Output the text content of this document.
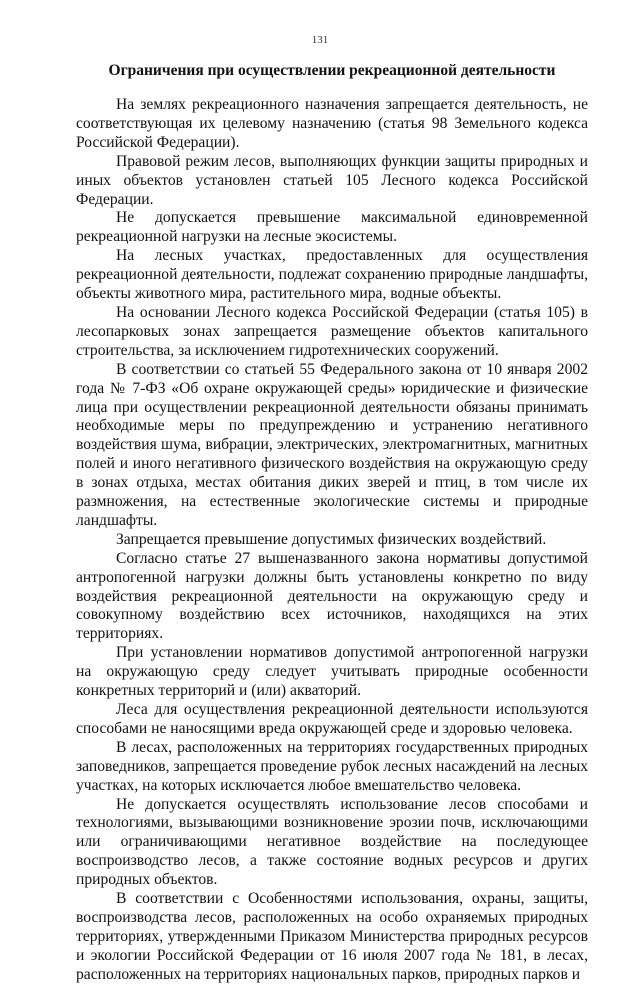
131
Ограничения при осуществлении рекреационной деятельности

На землях рекреационного назначения запрещается деятельность, не соответствующая их целевому назначению (статья 98 Земельного кодекса Российской Федерации).

Правовой режим лесов, выполняющих функции защиты природных и иных объектов установлен статьей 105 Лесного кодекса Российской Федерации.

Не допускается превышение максимальной единовременной рекреационной нагрузки на лесные экосистемы.

На лесных участках, предоставленных для осуществления рекреационной деятельности, подлежат сохранению природные ландшафты, объекты животного мира, растительного мира, водные объекты.

На основании Лесного кодекса Российской Федерации (статья 105) в лесопарковых зонах запрещается размещение объектов капитального строительства, за исключением гидротехнических сооружений.

В соответствии со статьей 55 Федерального закона от 10 января 2002 года № 7-ФЗ «Об охране окружающей среды» юридические и физические лица при осуществлении рекреационной деятельности обязаны принимать необходимые меры по предупреждению и устранению негативного воздействия шума, вибрации, электрических, электромагнитных, магнитных полей и иного негативного физического воздействия на окружающую среду в зонах отдыха, местах обитания диких зверей и птиц, в том числе их размножения, на естественные экологические системы и природные ландшафты.

Запрещается превышение допустимых физических воздействий.

Согласно статье 27 вышеназванного закона нормативы допустимой антропогенной нагрузки должны быть установлены конкретно по виду воздействия рекреационной деятельности на окружающую среду и совокупному воздействию всех источников, находящихся на этих территориях.

При установлении нормативов допустимой антропогенной нагрузки на окружающую среду следует учитывать природные особенности конкретных территорий и (или) акваторий.

Леса для осуществления рекреационной деятельности используются способами не наносящими вреда окружающей среде и здоровью человека.

В лесах, расположенных на территориях государственных природных заповедников, запрещается проведение рубок лесных насаждений на лесных участках, на которых исключается любое вмешательство человека.

Не допускается осуществлять использование лесов способами и технологиями, вызывающими возникновение эрозии почв, исключающими или ограничивающими негативное воздействие на последующее воспроизводство лесов, а также состояние водных ресурсов и других природных объектов.

В соответствии с Особенностями использования, охраны, защиты, воспроизводства лесов, расположенных на особо охраняемых природных территориях, утвержденными Приказом Министерства природных ресурсов и экологии Российской Федерации от 16 июля 2007 года № 181, в лесах, расположенных на территориях национальных парков, природных парков и
